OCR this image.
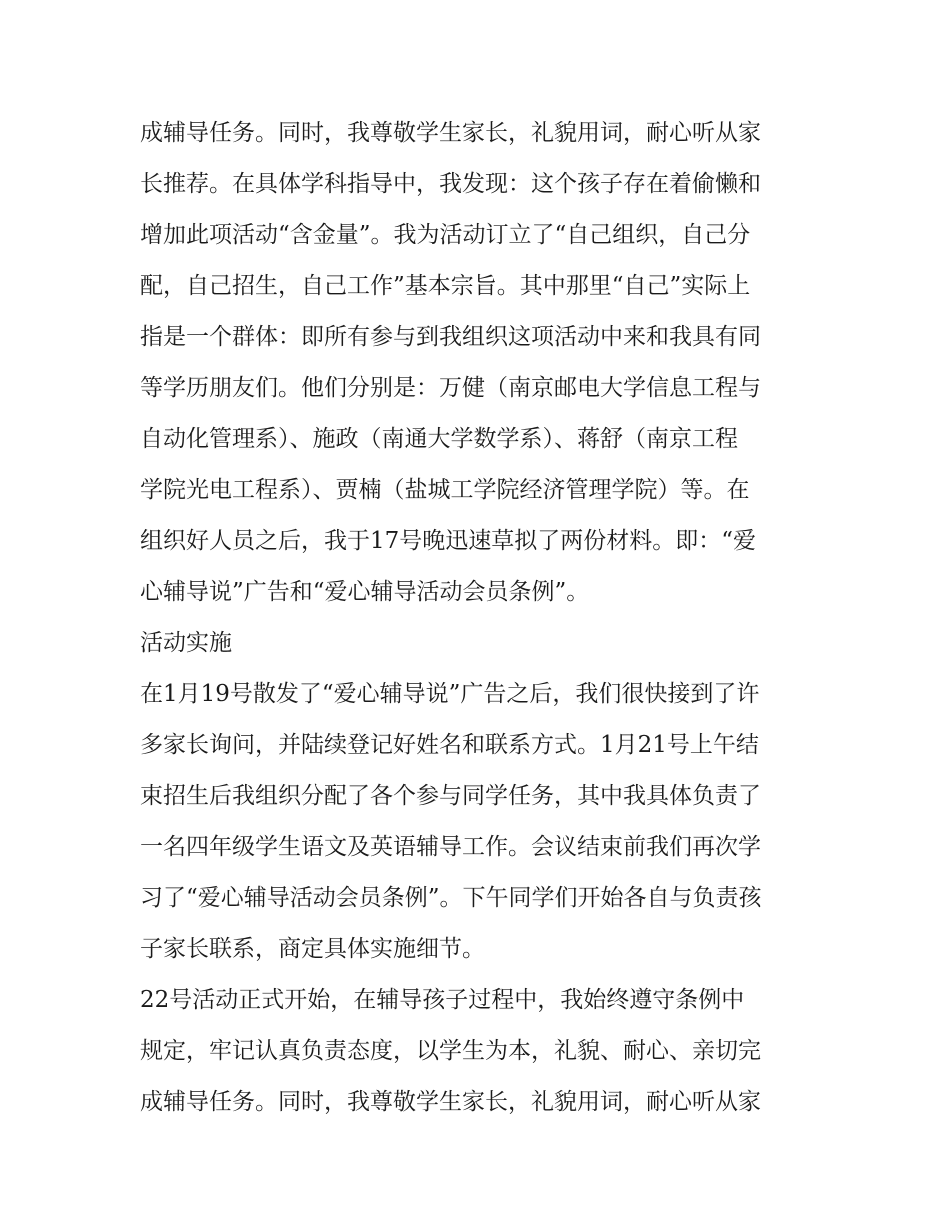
成辅导任务。同时，我尊敬学生家长，礼貌用词，耐心听从家
长推荐。在具体学科指导中，我发现：这个孩子存在着偷懒和
增加此项活动“含金量”。我为活动订立了“自己组织，自己分
配，自己招生，自己工作”基本宗旨。其中那里“自己”实际上
指是一个群体：即所有参与到我组织这项活动中来和我具有同
等学历朋友们。他们分别是：万健（南京邮电大学信息工程与
自动化管理系）、施政（南通大学数学系）、蒋舒（南京工程
学院光电工程系）、贾楠（盐城工学院经济管理学院）等。在
组织好人员之后，我于17号晚迅速草拟了两份材料。即：“爱
心辅导说”广告和“爱心辅导活动会员条例”。
活动实施
在1月19号散发了“爱心辅导说”广告之后，我们很快接到了许
多家长询问，并陆续登记好姓名和联系方式。1月21号上午结
束招生后我组织分配了各个参与同学任务，其中我具体负责了
一名四年级学生语文及英语辅导工作。会议结束前我们再次学
习了“爱心辅导活动会员条例”。下午同学们开始各自与负责孩
子家长联系，商定具体实施细节。
22号活动正式开始，在辅导孩子过程中，我始终遵守条例中
规定，牢记认真负责态度，以学生为本，礼貌、耐心、亲切完
成辅导任务。同时，我尊敬学生家长，礼貌用词，耐心听从家
